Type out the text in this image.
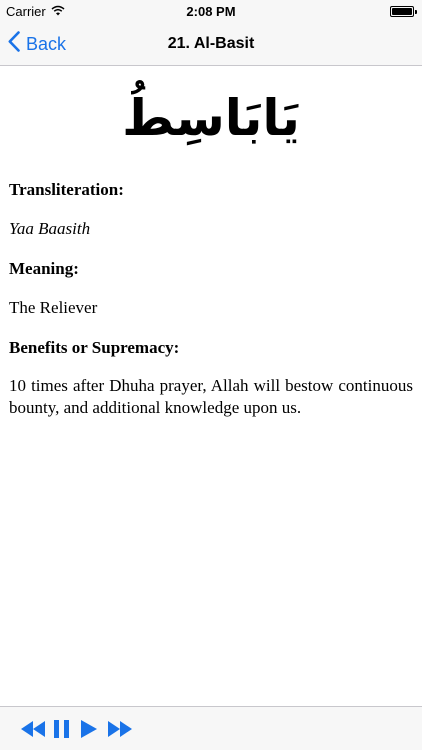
Carrier	2:08 PM
Back	21. Al-Basit
يَابَاسِطُ
Transliteration:
Yaa Baasith
Meaning:
The Reliever
Benefits or Supremacy:
10 times after Dhuha prayer, Allah will bestow continuous bounty, and additional knowledge upon us.
